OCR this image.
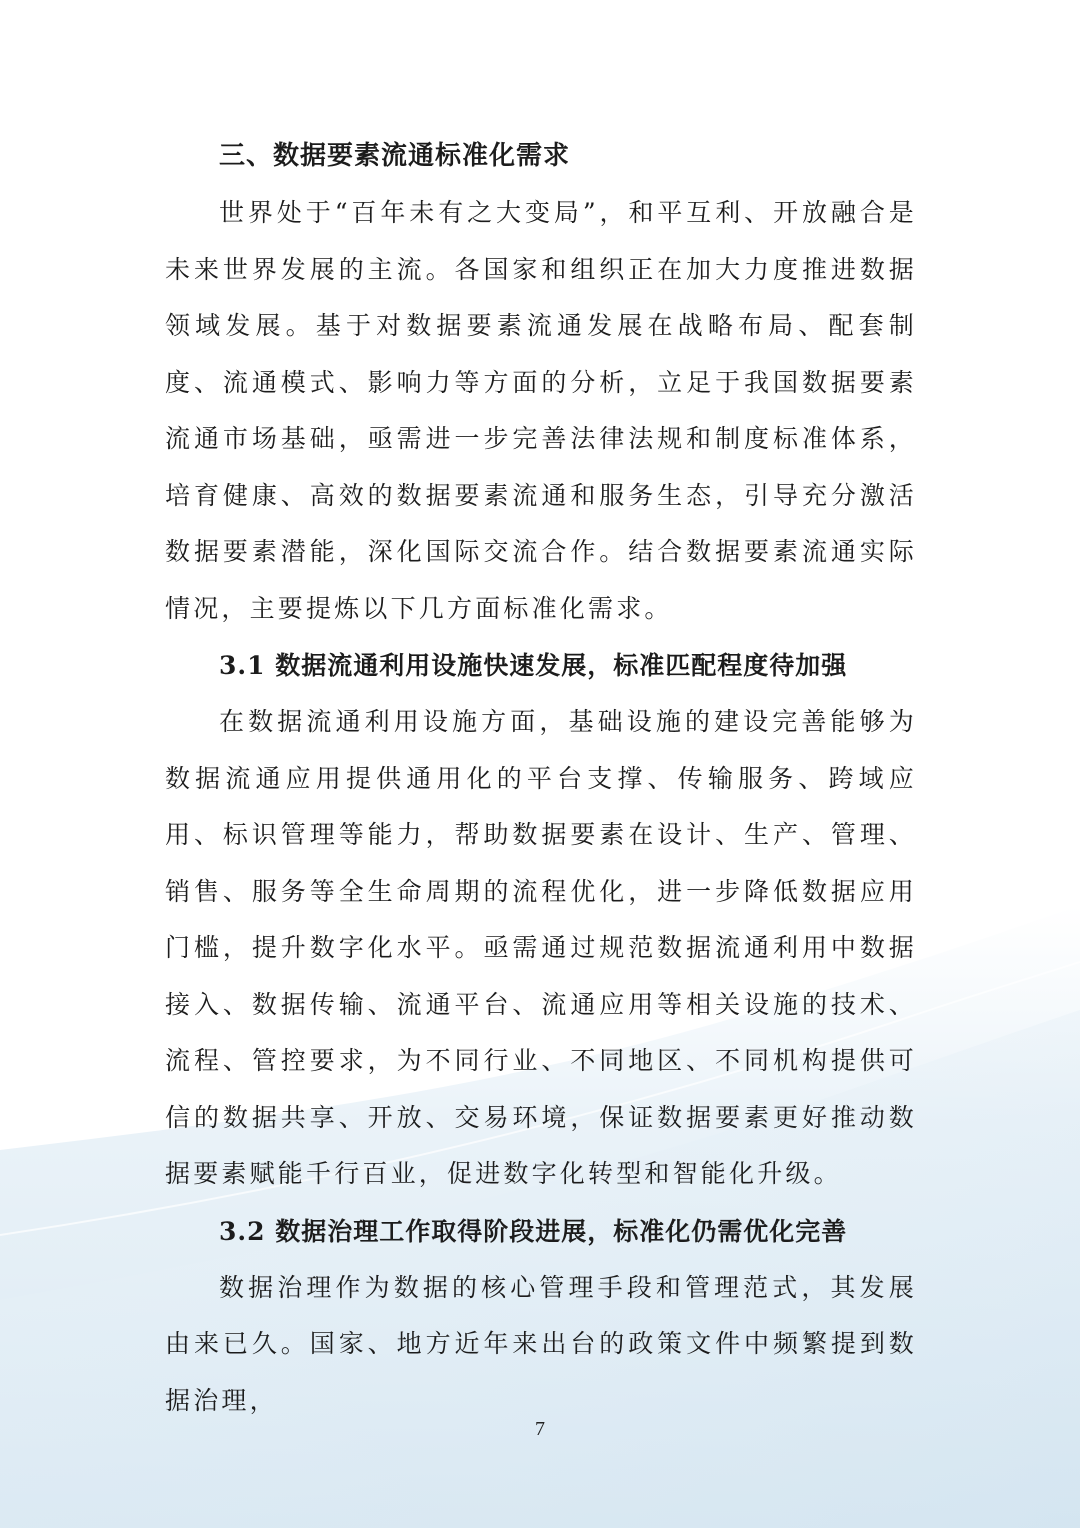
三、数据要素流通标准化需求

世界处于“百年未有之大变局”，和平互利、开放融合是未来世界发展的主流。各国家和组织正在加大力度推进数据领域发展。基于对数据要素流通发展在战略布局、配套制度、流通模式、影响力等方面的分析，立足于我国数据要素流通市场基础，亟需进一步完善法律法规和制度标准体系，培育健康、高效的数据要素流通和服务生态，引导充分激活数据要素潜能，深化国际交流合作。结合数据要素流通实际情况，主要提炼以下几方面标准化需求。

3.1 数据流通利用设施快速发展，标准匹配程度待加强

在数据流通利用设施方面，基础设施的建设完善能够为数据流通应用提供通用化的平台支撑、传输服务、跨域应用、标识管理等能力，帮助数据要素在设计、生产、管理、销售、服务等全生命周期的流程优化，进一步降低数据应用门槛，提升数字化水平。亟需通过规范数据流通利用中数据接入、数据传输、流通平台、流通应用等相关设施的技术、流程、管控要求，为不同行业、不同地区、不同机构提供可信的数据共享、开放、交易环境，保证数据要素更好推动数据要素赋能千行百业，促进数字化转型和智能化升级。

3.2 数据治理工作取得阶段进展，标准化仍需优化完善

数据治理作为数据的核心管理手段和管理范式，其发展由来已久。国家、地方近年来出台的政策文件中频繁提到数据治理，

7
